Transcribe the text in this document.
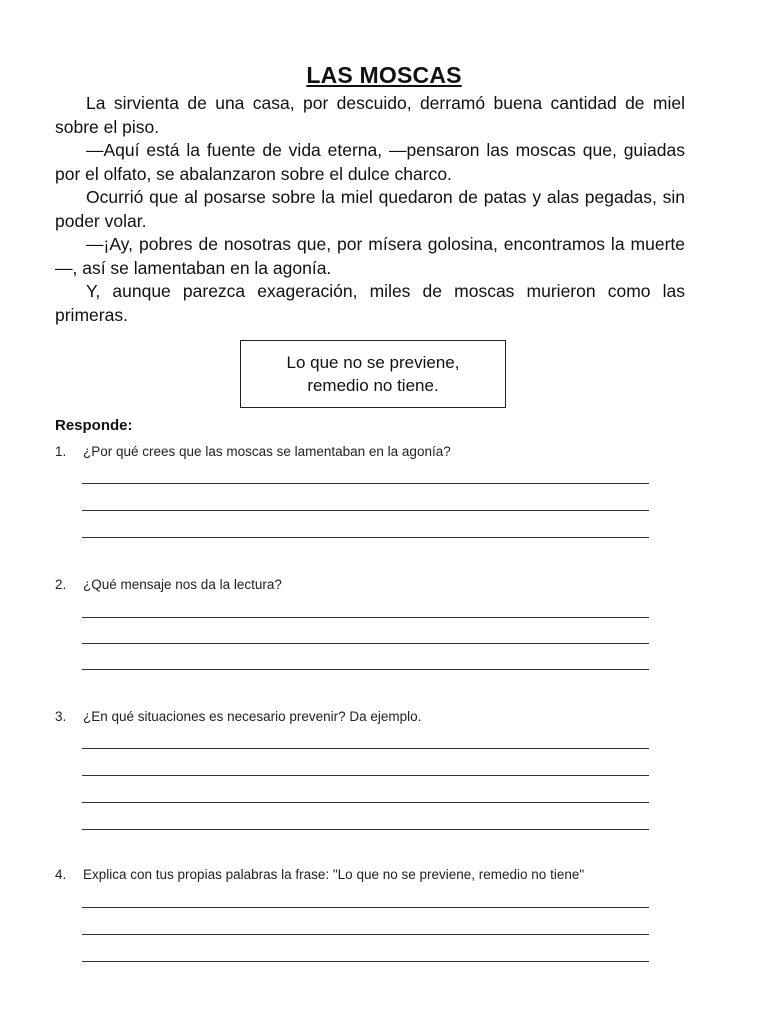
LAS MOSCAS

La sirvienta de una casa, por descuido, derramó buena cantidad de miel sobre el piso.

—Aquí está la fuente de vida eterna, —pensaron las moscas que, guiadas por el olfato, se abalanzaron sobre el dulce charco.

Ocurrió que al posarse sobre la miel quedaron de patas y alas pegadas, sin poder volar.

—¡Ay, pobres de nosotras que, por mísera golosina, encontramos la muerte—, así se lamentaban en la agonía.

Y, aunque parezca exageración, miles de moscas murieron como las primeras.

Lo que no se previene,
remedio no tiene.
Responde:
1. ¿Por qué crees que las moscas se lamentaban en la agonía?
2. ¿Qué mensaje nos da la lectura?
3. ¿En qué situaciones es necesario prevenir? Da ejemplo.
4. Explica con tus propias palabras la frase: "Lo que no se previene, remedio no tiene"
